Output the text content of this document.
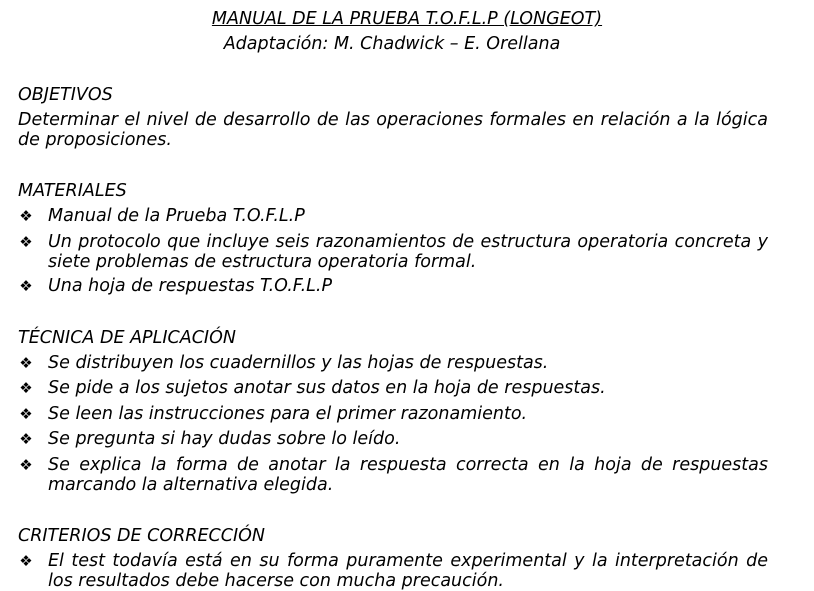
MANUAL DE LA PRUEBA T.O.F.L.P (LONGEOT)
Adaptación: M. Chadwick – E. Orellana
OBJETIVOS
Determinar el nivel de desarrollo de las operaciones formales en relación a la lógica de proposiciones.
MATERIALES
❖ Manual de la Prueba T.O.F.L.P
❖ Un protocolo que incluye seis razonamientos de estructura operatoria concreta y siete problemas de estructura operatoria formal.
❖ Una hoja de respuestas T.O.F.L.P
TÉCNICA DE APLICACIÓN
❖ Se distribuyen los cuadernillos y las hojas de respuestas.
❖ Se pide a los sujetos anotar sus datos en la hoja de respuestas.
❖ Se leen las instrucciones para el primer razonamiento.
❖ Se pregunta si hay dudas sobre lo leído.
❖ Se explica la forma de anotar la respuesta correcta en la hoja de respuestas marcando la alternativa elegida.
CRITERIOS DE CORRECCIÓN
❖ El test todavía está en su forma puramente experimental y la interpretación de los resultados debe hacerse con mucha precaución.
